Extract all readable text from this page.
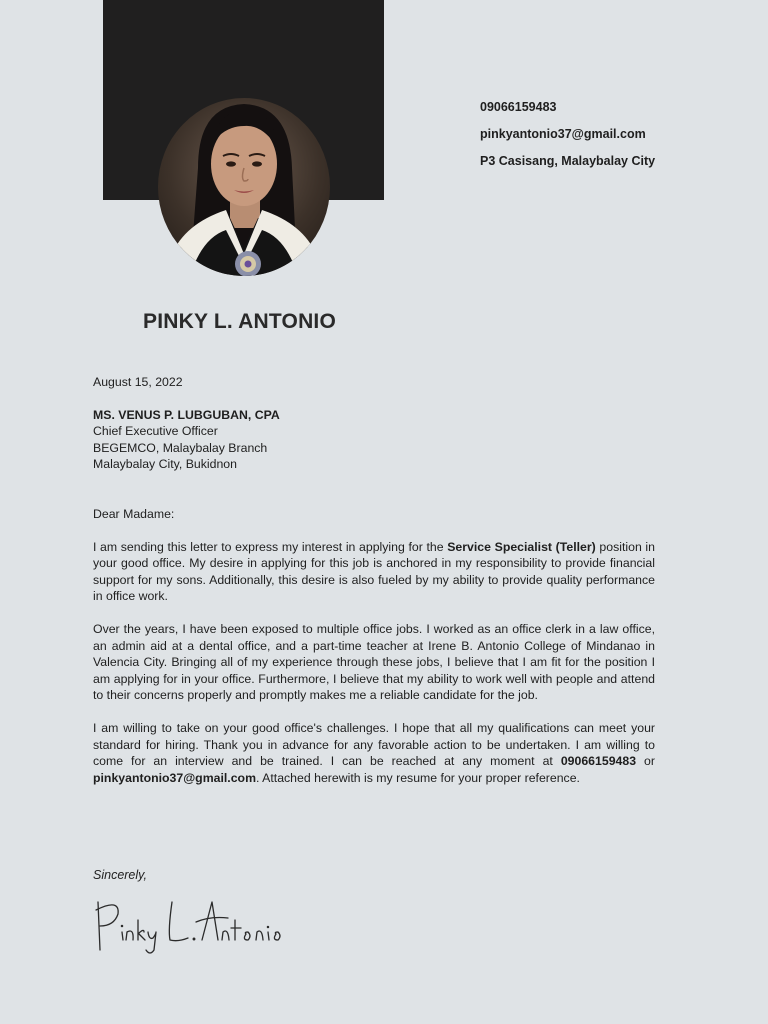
09066159483
pinkyantonio37@gmail.com
P3 Casisang, Malaybalay City
PINKY L. ANTONIO

August 15, 2022

MS. VENUS P. LUBGUBAN, CPA

Chief Executive Officer

BEGEMCO, Malaybalay Branch

Malaybalay City, Bukidnon

Dear Madame:

I am sending this letter to express my interest in applying for the Service Specialist (Teller) position in your good office. My desire in applying for this job is anchored in my responsibility to provide financial support for my sons. Additionally, this desire is also fueled by my ability to provide quality performance in office work.

Over the years, I have been exposed to multiple office jobs. I worked as an office clerk in a law office, an admin aid at a dental office, and a part-time teacher at Irene B. Antonio College of Mindanao in Valencia City. Bringing all of my experience through these jobs, I believe that I am fit for the position I am applying for in your office. Furthermore, I believe that my ability to work well with people and attend to their concerns properly and promptly makes me a reliable candidate for the job.

I am willing to take on your good office's challenges. I hope that all my qualifications can meet your standard for hiring. Thank you in advance for any favorable action to be undertaken. I am willing to come for an interview and be trained. I can be reached at any moment at 09066159483 or pinkyantonio37@gmail.com. Attached herewith is my resume for your proper reference.

Sincerely,
